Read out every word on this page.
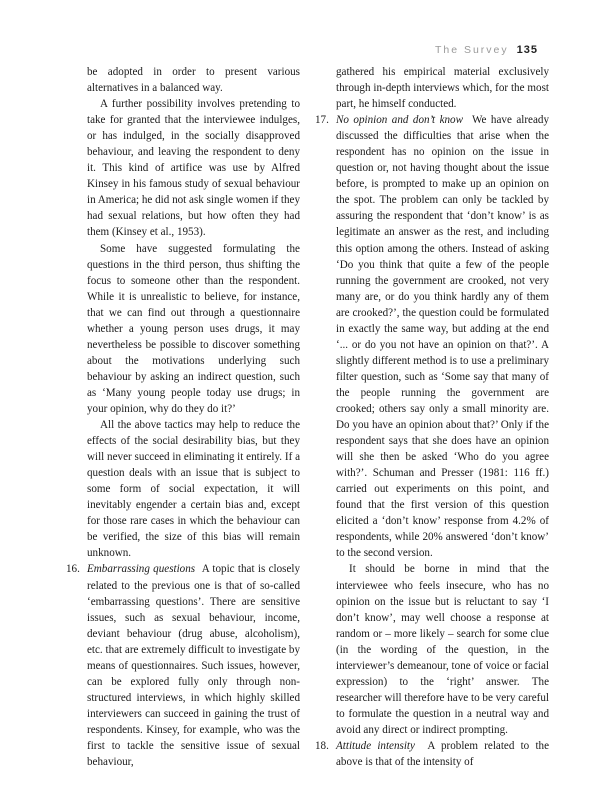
The Survey 135

be adopted in order to present various alternatives in a balanced way.

A further possibility involves pretending to take for granted that the interviewee indulges, or has indulged, in the socially disapproved behaviour, and leaving the respondent to deny it. This kind of artifice was use by Alfred Kinsey in his famous study of sexual behaviour in America; he did not ask single women if they had sexual relations, but how often they had them (Kinsey et al., 1953).

Some have suggested formulating the questions in the third person, thus shifting the focus to someone other than the respondent. While it is unrealistic to believe, for instance, that we can find out through a questionnaire whether a young person uses drugs, it may nevertheless be possible to discover something about the motivations underlying such behaviour by asking an indirect question, such as ‘Many young people today use drugs; in your opinion, why do they do it?’

All the above tactics may help to reduce the effects of the social desirability bias, but they will never succeed in eliminating it entirely. If a question deals with an issue that is subject to some form of social expectation, it will inevitably engender a certain bias and, except for those rare cases in which the behaviour can be verified, the size of this bias will remain unknown.

16. Embarrassing questions A topic that is closely related to the previous one is that of so-called ‘embarrassing questions’. There are sensitive issues, such as sexual behaviour, income, deviant behaviour (drug abuse, alcoholism), etc. that are extremely difficult to investigate by means of questionnaires. Such issues, however, can be explored fully only through non-structured interviews, in which highly skilled interviewers can succeed in gaining the trust of respondents. Kinsey, for example, who was the first to tackle the sensitive issue of sexual behaviour,

gathered his empirical material exclusively through in-depth interviews which, for the most part, he himself conducted.

17. No opinion and don’t know We have already discussed the difficulties that arise when the respondent has no opinion on the issue in question or, not having thought about the issue before, is prompted to make up an opinion on the spot. The problem can only be tackled by assuring the respondent that ‘don’t know’ is as legitimate an answer as the rest, and including this option among the others. Instead of asking ‘Do you think that quite a few of the people running the government are crooked, not very many are, or do you think hardly any of them are crooked?’, the question could be formulated in exactly the same way, but adding at the end ‘... or do you not have an opinion on that?’. A slightly different method is to use a preliminary filter question, such as ‘Some say that many of the people running the government are crooked; others say only a small minority are. Do you have an opinion about that?’ Only if the respondent says that she does have an opinion will she then be asked ‘Who do you agree with?’. Schuman and Presser (1981: 116 ff.) carried out experiments on this point, and found that the first version of this question elicited a ‘don’t know’ response from 4.2% of respondents, while 20% answered ‘don’t know’ to the second version.

It should be borne in mind that the interviewee who feels insecure, who has no opinion on the issue but is reluctant to say ‘I don’t know’, may well choose a response at random or – more likely – search for some clue (in the wording of the question, in the interviewer’s demeanour, tone of voice or facial expression) to the ‘right’ answer. The researcher will therefore have to be very careful to formulate the question in a neutral way and avoid any direct or indirect prompting.

18. Attitude intensity A problem related to the above is that of the intensity of
